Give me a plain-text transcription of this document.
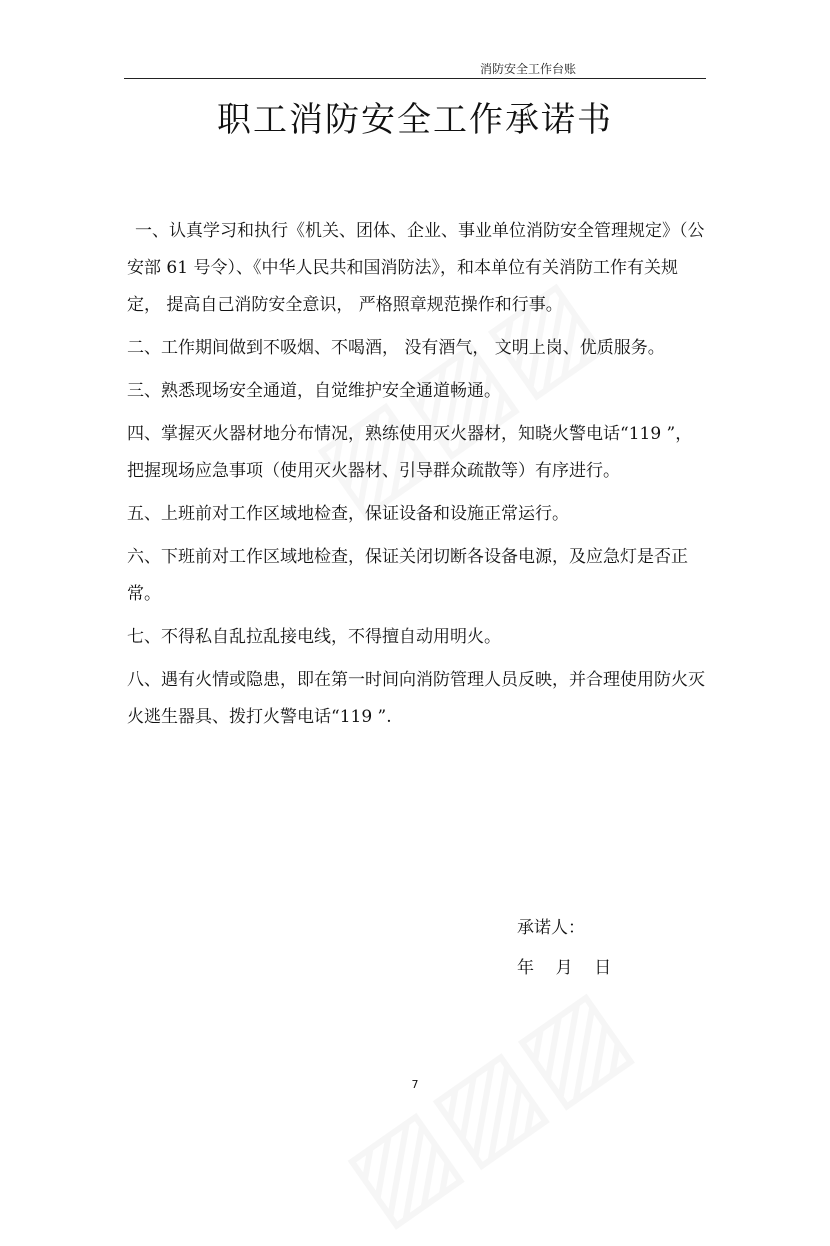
消防安全工作台账
职工消防安全工作承诺书

一、认真学习和执行《机关、团体、企业、事业单位消防安全管理规定》（公安部 61 号令）、《中华人民共和国消防法》，和本单位有关消防工作有关规定， 提高自己消防安全意识， 严格照章规范操作和行事。

二、工作期间做到不吸烟、不喝酒， 没有酒气， 文明上岗、优质服务。

三、熟悉现场安全通道，自觉维护安全通道畅通。

四、掌握灭火器材地分布情况，熟练使用灭火器材，知晓火警电话“119 ”，把握现场应急事项（使用灭火器材、引导群众疏散等）有序进行。

五、上班前对工作区域地检查，保证设备和设施正常运行。

六、下班前对工作区域地检查，保证关闭切断各设备电源，及应急灯是否正常。

七、不得私自乱拉乱接电线，不得擅自动用明火。

八、遇有火情或隐患，即在第一时间向消防管理人员反映，并合理使用防火灭火逃生器具、拨打火警电话“119 ”.

承诺人：
年    月    日
7
